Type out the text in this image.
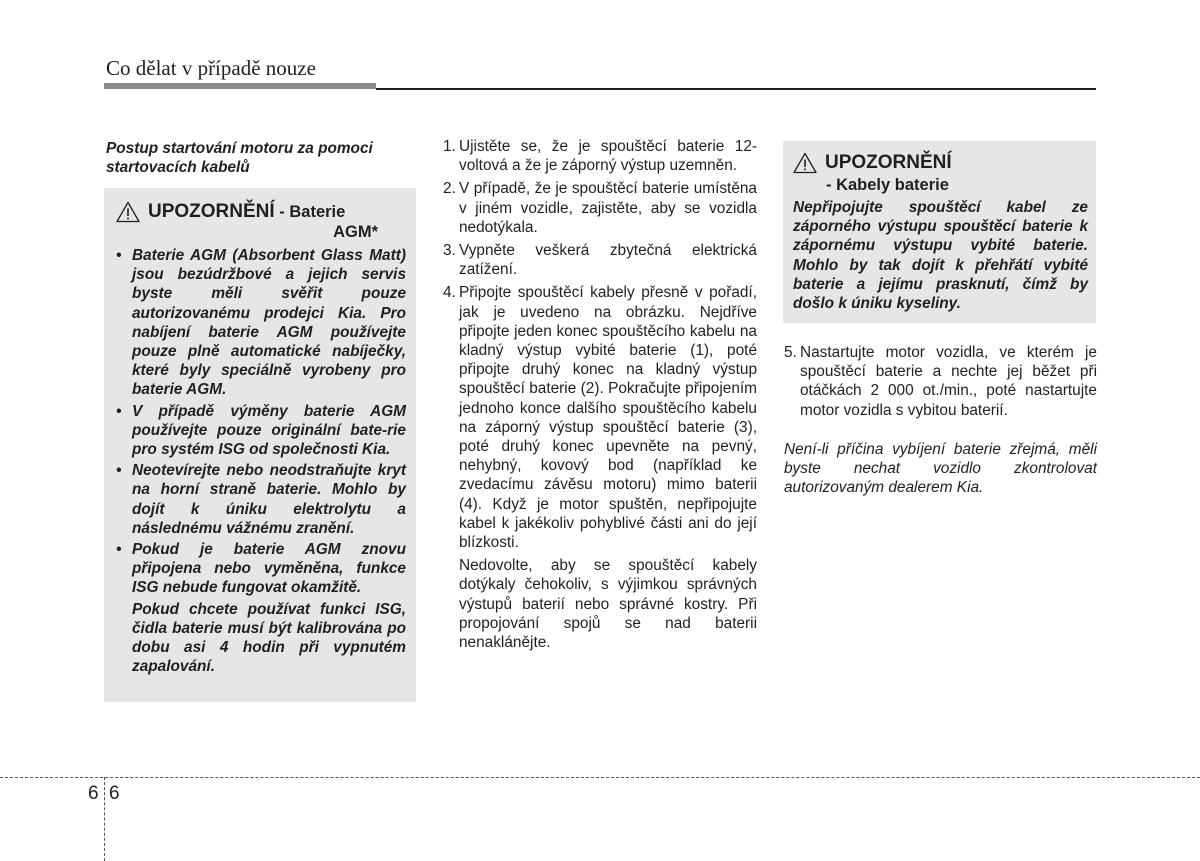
Co dělat v případě nouze
Postup startování motoru za pomoci startovacích kabelů
UPOZORNĚNÍ - Baterie
AGM*
• Baterie AGM (Absorbent Glass Matt) jsou bezúdržbové a jejich servis byste měli svěřit pouze autorizovanému prodejci Kia. Pro nabíjení baterie AGM používejte pouze plně automatické nabíječky, které byly speciálně vyrobeny pro baterie AGM.
• V případě výměny baterie AGM používejte pouze originální bate-rie pro systém ISG od společnosti Kia.
• Neotevírejte nebo neodstraňujte kryt na horní straně baterie. Mohlo by dojít k úniku elektrolytu a následnému vážnému zranění.
• Pokud je baterie AGM znovu připojena nebo vyměněna, funkce ISG nebude fungovat okamžitě.
Pokud chcete používat funkci ISG, čidla baterie musí být kalibrována po dobu asi 4 hodin při vypnutém zapalování.
1. Ujistěte se, že je spouštěcí baterie 12-voltová a že je záporný výstup uzemněn.
2. V případě, že je spouštěcí baterie umístěna v jiném vozidle, zajistěte, aby se vozidla nedotýkala.
3. Vypněte veškerá zbytečná elektrická zatížení.
4. Připojte spouštěcí kabely přesně v pořadí, jak je uvedeno na obrázku. Nejdříve připojte jeden konec spouštěcího kabelu na kladný výstup vybité baterie (1), poté připojte druhý konec na kladný výstup spouštěcí baterie (2). Pokračujte připojením jednoho konce dalšího spouštěcího kabelu na záporný výstup spouštěcí baterie (3), poté druhý konec upevněte na pevný, nehybný, kovový bod (například ke zvedacímu závěsu motoru) mimo baterii (4). Když je motor spuštěn, nepřipojujte kabel k jakékoliv pohyblivé části ani do její blízkosti.
Nedovolte, aby se spouštěcí kabely dotýkaly čehokoliv, s výjimkou správných výstupů baterií nebo správné kostry. Při propojování spojů se nad baterii nenaklánějte.
UPOZORNĚNÍ
- Kabely baterie
Nepřipojujte spouštěcí kabel ze záporného výstupu spouštěcí baterie k zápornému výstupu vybité baterie. Mohlo by tak dojít k přehřátí vybité baterie a jejímu prasknutí, čímž by došlo k úniku kyseliny.
5. Nastartujte motor vozidla, ve kterém je spouštěcí baterie a nechte jej běžet při otáčkách 2 000 ot./min., poté nastartujte motor vozidla s vybitou baterií.
Není-li příčina vybíjení baterie zřejmá, měli byste nechat vozidlo zkontrolovat autorizovaným dealerem Kia.
6 6
